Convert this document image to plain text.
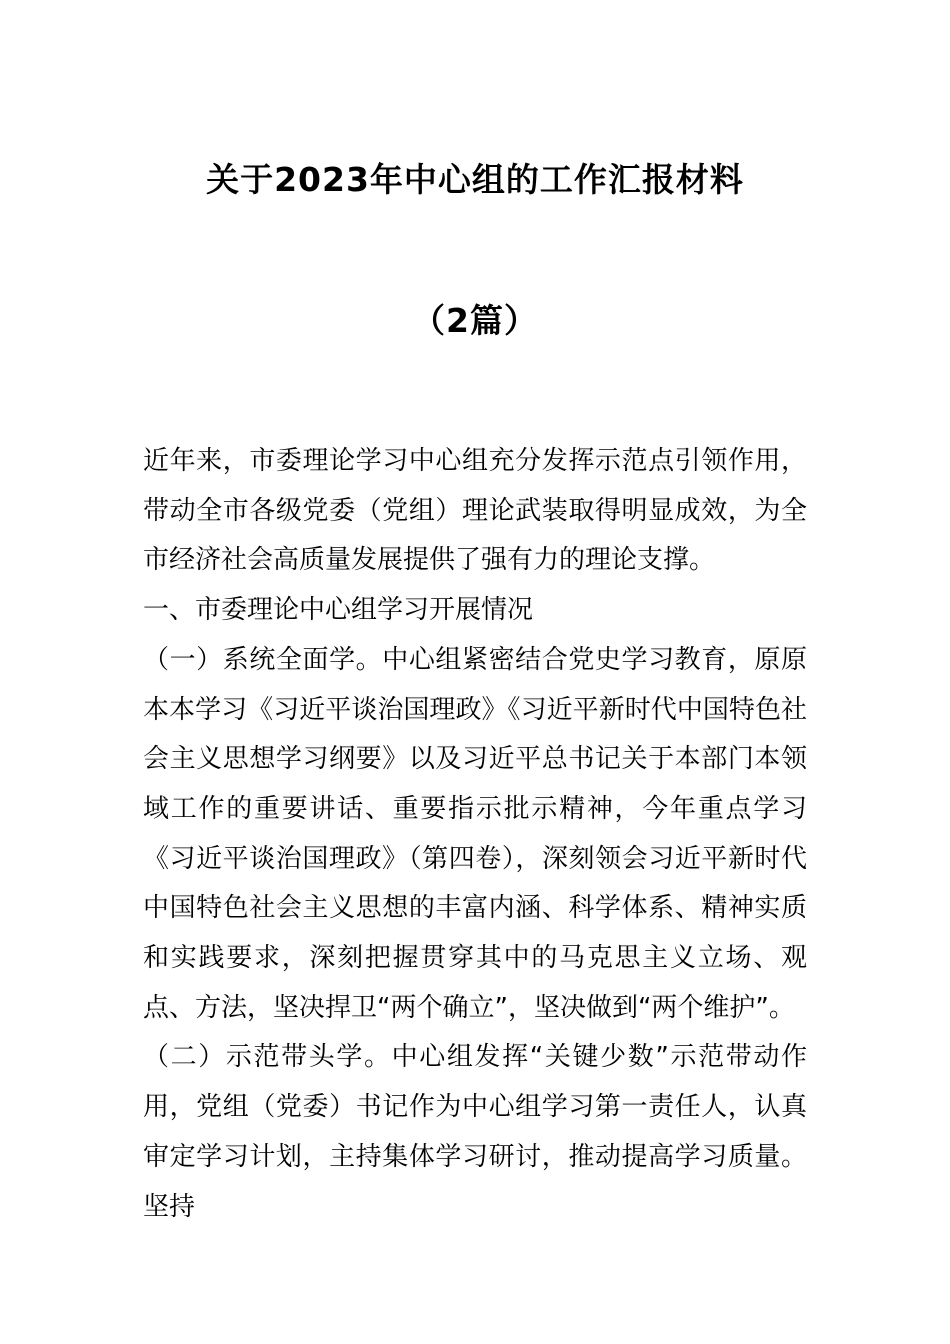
关于2023年中心组的工作汇报材料
（2篇）

近年来，市委理论学习中心组充分发挥示范点引领作用，带动全市各级党委（党组）理论武装取得明显成效，为全市经济社会高质量发展提供了强有力的理论支撑。

一、市委理论中心组学习开展情况

（一）系统全面学。中心组紧密结合党史学习教育，原原本本学习《习近平谈治国理政》《习近平新时代中国特色社会主义思想学习纲要》以及习近平总书记关于本部门本领域工作的重要讲话、重要指示批示精神，今年重点学习《习近平谈治国理政》（第四卷），深刻领会习近平新时代中国特色社会主义思想的丰富内涵、科学体系、精神实质和实践要求，深刻把握贯穿其中的马克思主义立场、观点、方法，坚决捍卫“两个确立”，坚决做到“两个维护”。

（二）示范带头学。中心组发挥“关键少数”示范带动作用，党组（党委）书记作为中心组学习第一责任人，认真审定学习计划，主持集体学习研讨，推动提高学习质量。坚持
